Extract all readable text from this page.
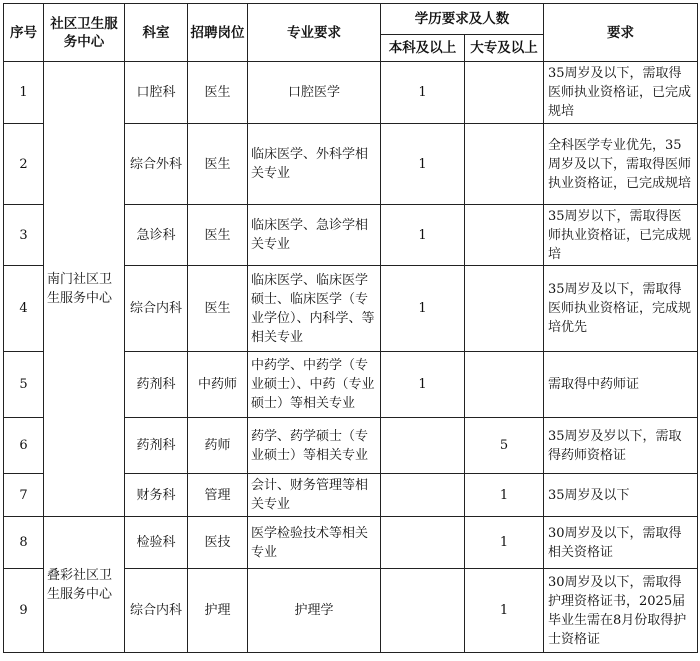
序号	社区卫生服务中心	科室	招聘岗位	专业要求	学历要求及人数		要求
					本科及以上	大专及以上	
1	南门社区卫生服务中心	口腔科	医生	口腔医学	1		35周岁及以下，需取得医师执业资格证，已完成规培
2		综合外科	医生	临床医学、外科学相关专业	1		全科医学专业优先，35周岁及以下，需取得医师执业资格证，已完成规培
3		急诊科	医生	临床医学、急诊学相关专业	1		35周岁以下，需取得医师执业资格证，已完成规培
4		综合内科	医生	临床医学、临床医学硕士、临床医学（专业学位）、内科学、等相关专业	1		35周岁及以下，需取得医师执业资格证，完成规培优先
5		药剂科	中药师	中药学、中药学（专业硕士）、中药（专业硕士）等相关专业	1		需取得中药师证
6		药剂科	药师	药学、药学硕士（专业硕士）等相关专业		5	35周岁及岁以下，需取得药师资格证
7		财务科	管理	会计、财务管理等相关专业		1	35周岁及以下
8	叠彩社区卫生服务中心	检验科	医技	医学检验技术等相关专业		1	30周岁及以下，需取得相关资格证
9		综合内科	护理	护理学		1	30周岁及以下，需取得护理资格证书，2025届毕业生需在8月份取得护士资格证
